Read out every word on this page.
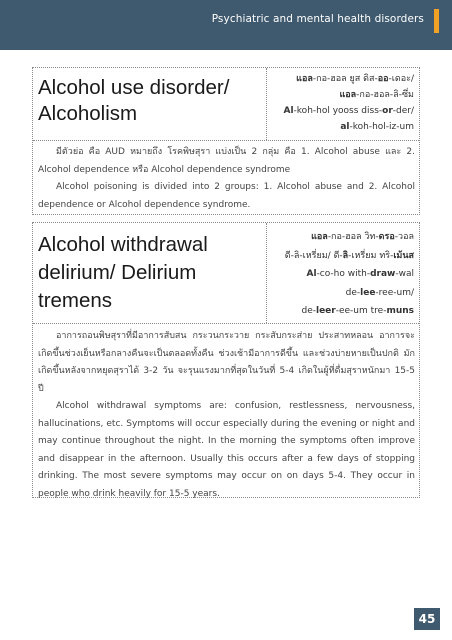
Psychiatric and mental health disorders
Alcohol use disorder/
Alcoholism
แอล-กอ-ฮอล ยูส ดิส-ออ-เดอะ/
แอล-กอ-ฮอล-ลิ-ซึ่ม
Al-koh-hol yooss diss-or-der/
al-koh-hol-iz-um

มีตัวย่อ คือ AUD หมายถึง โรคพิษสุรา แบ่งเป็น 2 กลุ่ม คือ 1. Alcohol abuse และ 2. Alcohol dependence หรือ Alcohol dependence syndrome

Alcohol poisoning is divided into 2 groups: 1. Alcohol abuse and 2. Alcohol dependence or Alcohol dependence syndrome.

Alcohol withdrawal
delirium/ Delirium
tremens
แอล-กอ-ฮอล วิท-ดรอ-วอล
ดี-ลิ-เหรี่ยม/ ดี-ลิ-เหรี่ยม ทริ-เม้นส
Al-co-ho with-draw-wal
de-lee-ree-um/
de-leer-ee-um tre-muns

อาการถอนพิษสุราที่มีอาการสับสน กระวนกระวาย กระสับกระส่าย ประสาทหลอน อาการจะเกิดขึ้นช่วงเย็นหรือกลางคืนจะเป็นตลอดทั้งคืน ช่วงเช้ามีอาการดีขึ้น และช่วงบ่ายหายเป็นปกติ มักเกิดขึ้นหลังจากหยุดสุราได้ 3-2 วัน จะรุนแรงมากที่สุดในวันที่ 5-4 เกิดในผู้ที่ดื่มสุราหนักมา 15-5 ปี

Alcohol withdrawal symptoms are: confusion, restlessness, nervousness, hallucinations, etc. Symptoms will occur especially during the evening or night and may continue throughout the night. In the morning the symptoms often improve and disappear in the afternoon. Usually this occurs after a few days of stopping drinking. The most severe symptoms may occur on on days 5-4. They occur in people who drink heavily for 15-5 years.

45
